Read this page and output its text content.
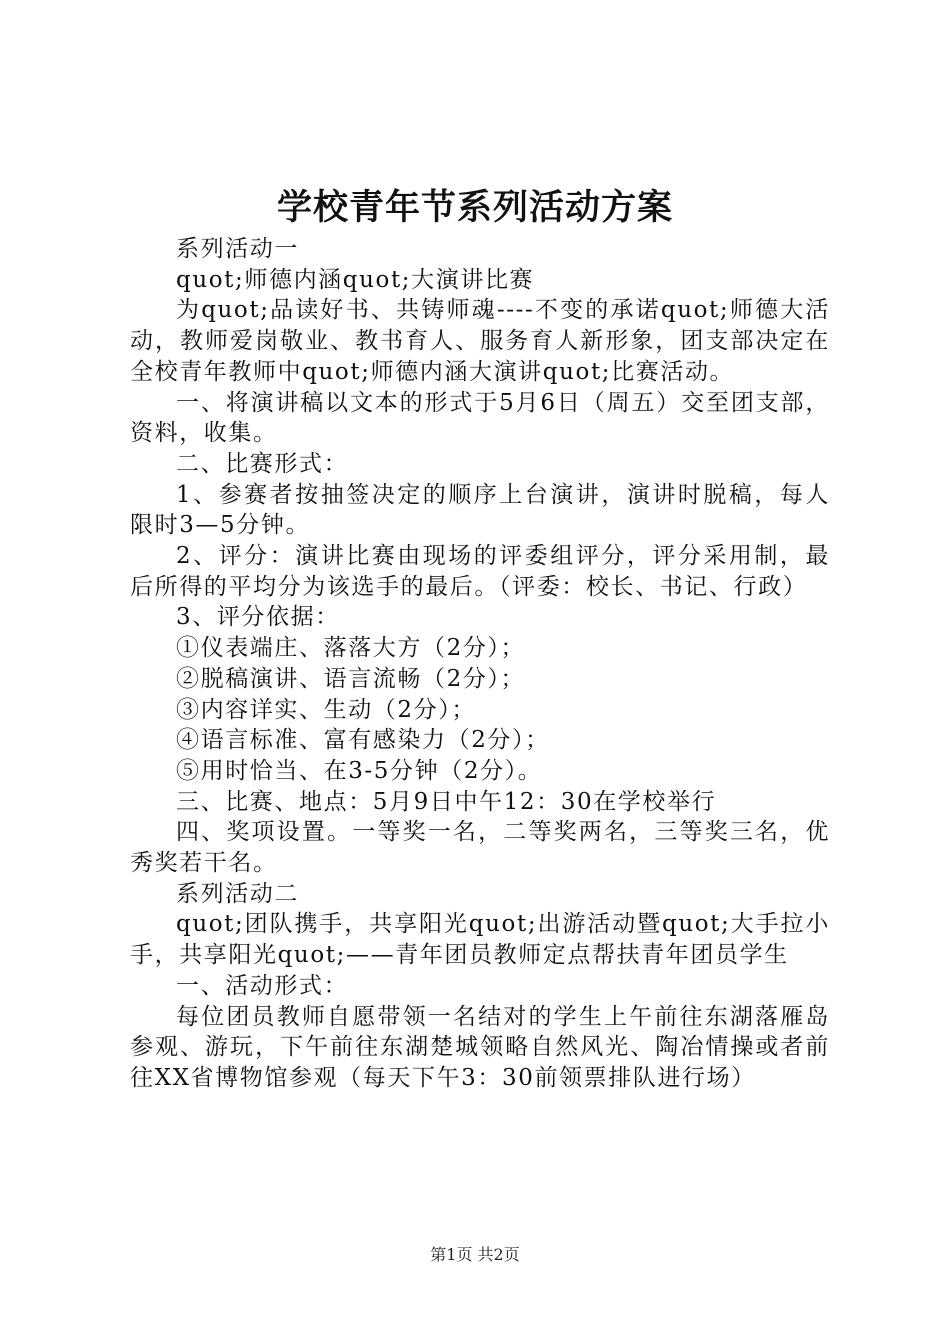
学校青年节系列活动方案

系列活动一

quot;师德内涵quot;大演讲比赛

为quot;品读好书、共铸师魂----不变的承诺quot;师德大活动，教师爱岗敬业、教书育人、服务育人新形象，团支部决定在全校青年教师中quot;师德内涵大演讲quot;比赛活动。

一、将演讲稿以文本的形式于5月6日（周五）交至团支部，资料，收集。

二、比赛形式：

1、参赛者按抽签决定的顺序上台演讲，演讲时脱稿，每人限时3—5分钟。

2、评分：演讲比赛由现场的评委组评分，评分采用制，最后所得的平均分为该选手的最后。（评委：校长、书记、行政）

3、评分依据：

①仪表端庄、落落大方（2分）；

②脱稿演讲、语言流畅（2分）；

③内容详实、生动（2分）；

④语言标准、富有感染力（2分）；

⑤用时恰当、在3-5分钟（2分）。

三、比赛、地点：5月9日中午12：30在学校举行

四、奖项设置。一等奖一名，二等奖两名，三等奖三名，优秀奖若干名。

系列活动二

quot;团队携手，共享阳光quot;出游活动暨quot;大手拉小手，共享阳光quot;——青年团员教师定点帮扶青年团员学生

一、活动形式：

每位团员教师自愿带领一名结对的学生上午前往东湖落雁岛参观、游玩，下午前往东湖楚城领略自然风光、陶冶情操或者前往XX省博物馆参观（每天下午3：30前领票排队进行场）

第1页 共2页
